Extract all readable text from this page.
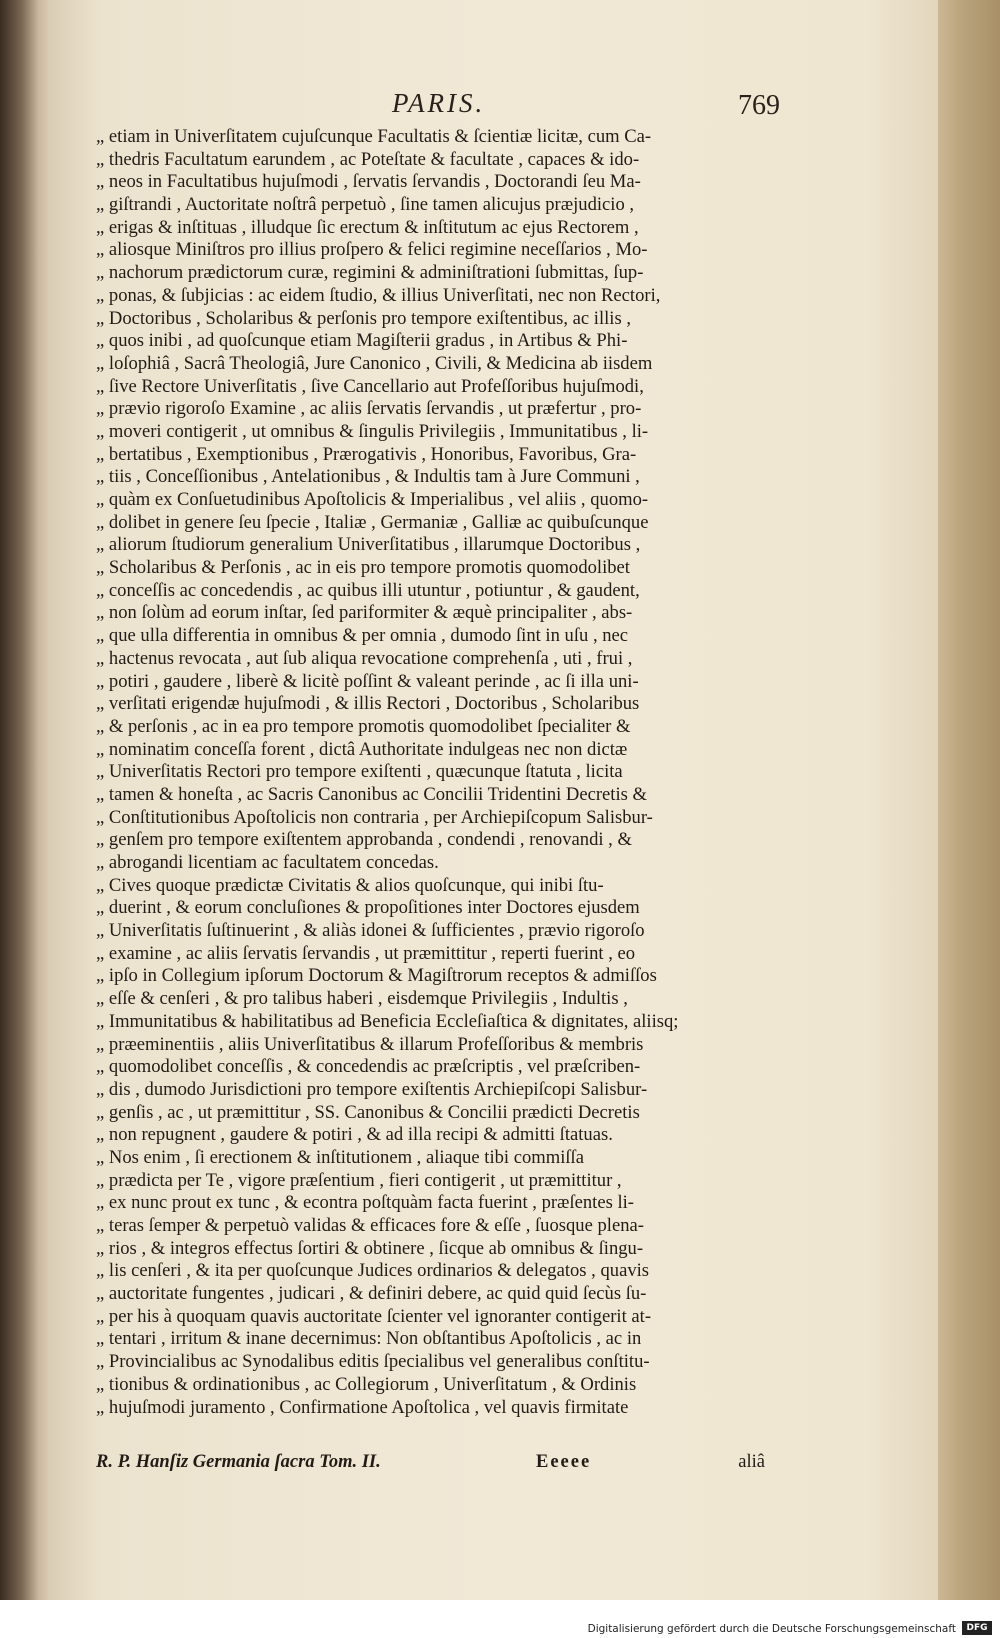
PARIS.	769
„ etiam in Univerſitatem cujuſcunque Facultatis & ſcientiæ licitæ, cum Ca-
„ thedris Facultatum earundem , ac Poteſtate & facultate , capaces & ido-
„ neos in Facultatibus hujuſmodi , ſervatis ſervandis , Doctorandi ſeu Ma-
„ giſtrandi , Auctoritate noſtrâ perpetuò , ſine tamen alicujus præjudicio ,
„ erigas & inſtituas , illudque ſic erectum & inſtitutum ac ejus Rectorem ,
„ aliosque Miniſtros pro illius proſpero & felici regimine neceſſarios , Mo-
„ nachorum prædictorum curæ, regimini & adminiſtrationi ſubmittas, ſup-
„ ponas, & ſubjicias : ac eidem ſtudio, & illius Univerſitati, nec non Rectori,
„ Doctoribus , Scholaribus & perſonis pro tempore exiſtentibus, ac illis ,
„ quos inibi , ad quoſcunque etiam Magiſterii gradus , in Artibus & Phi-
„ loſophiâ , Sacrâ Theologiâ, Jure Canonico , Civili, & Medicina ab iisdem
„ ſive Rectore Univerſitatis , ſive Cancellario aut Profeſſoribus hujuſmodi,
„ prævio rigoroſo Examine , ac aliis ſervatis ſervandis , ut præfertur , pro-
„ moveri contigerit , ut omnibus & ſingulis Privilegiis , Immunitatibus , li-
„ bertatibus , Exemptionibus , Prærogativis , Honoribus, Favoribus, Gra-
„ tiis , Conceſſionibus , Antelationibus , & Indultis tam à Jure Communi ,
„ quàm ex Conſuetudinibus Apoſtolicis & Imperialibus , vel aliis , quomo-
„ dolibet in genere ſeu ſpecie , Italiæ , Germaniæ , Galliæ ac quibuſcunque
„ aliorum ſtudiorum generalium Univerſitatibus , illarumque Doctoribus ,
„ Scholaribus & Perſonis , ac in eis pro tempore promotis quomodolibet
„ conceſſis ac concedendis , ac quibus illi utuntur , potiuntur , & gaudent,
„ non ſolùm ad eorum inſtar, ſed pariformiter & æquè principaliter , abs-
„ que ulla differentia in omnibus & per omnia , dumodo ſint in uſu , nec
„ hactenus revocata , aut ſub aliqua revocatione comprehenſa , uti , frui ,
„ potiri , gaudere , liberè & licitè poſſint & valeant perinde , ac ſi illa uni-
„ verſitati erigendæ hujuſmodi , & illis Rectori , Doctoribus , Scholaribus
„ & perſonis , ac in ea pro tempore promotis quomodolibet ſpecialiter &
„ nominatim conceſſa forent , dictâ Authoritate indulgeas nec non dictæ
„ Univerſitatis Rectori pro tempore exiſtenti , quæcunque ſtatuta , licita
„ tamen & honeſta , ac Sacris Canonibus ac Concilii Tridentini Decretis &
„ Conſtitutionibus Apoſtolicis non contraria , per Archiepiſcopum Salisbur-
„ genſem pro tempore exiſtentem approbanda , condendi , renovandi , &
„ abrogandi licentiam ac facultatem concedas.
„ Cives quoque prædictæ Civitatis & alios quoſcunque, qui inibi ſtu-
„ duerint , & eorum concluſiones & propoſitiones inter Doctores ejusdem
„ Univerſitatis ſuſtinuerint , & aliàs idonei & ſufficientes , prævio rigoroſo
„ examine , ac aliis ſervatis ſervandis , ut præmittitur , reperti fuerint , eo
„ ipſo in Collegium ipſorum Doctorum & Magiſtrorum receptos & admiſſos
„ eſſe & cenſeri , & pro talibus haberi , eisdemque Privilegiis , Indultis ,
„ Immunitatibus & habilitatibus ad Beneficia Eccleſiaſtica & dignitates, aliisq;
„ præeminentiis , aliis Univerſitatibus & illarum Profeſſoribus & membris
„ quomodolibet conceſſis , & concedendis ac præſcriptis , vel præſcriben-
„ dis , dumodo Jurisdictioni pro tempore exiſtentis Archiepiſcopi Salisbur-
„ genſis , ac , ut præmittitur , SS. Canonibus & Concilii prædicti Decretis
„ non repugnent , gaudere & potiri , & ad illa recipi & admitti ſtatuas.
„ Nos enim , ſi erectionem & inſtitutionem , aliaque tibi commiſſa
„ prædicta per Te , vigore præſentium , fieri contigerit , ut præmittitur ,
„ ex nunc prout ex tunc , & econtra poſtquàm facta fuerint , præſentes li-
„ teras ſemper & perpetuò validas & efficaces fore & eſſe , ſuosque plena-
„ rios , & integros effectus ſortiri & obtinere , ſicque ab omnibus & ſingu-
„ lis cenſeri , & ita per quoſcunque Judices ordinarios & delegatos , quavis
„ auctoritate fungentes , judicari , & definiri debere, ac quid quid ſecùs ſu-
„ per his à quoquam quavis auctoritate ſcienter vel ignoranter contigerit at-
„ tentari , irritum & inane decernimus: Non obſtantibus Apoſtolicis , ac in
„ Provincialibus ac Synodalibus editis ſpecialibus vel generalibus conſtitu-
„ tionibus & ordinationibus , ac Collegiorum , Univerſitatum , & Ordinis
„ hujuſmodi juramento , Confirmatione Apoſtolica , vel quavis firmitate
R. P. Hanſiz Germania ſacra Tom. II.	Eeeee	aliâ
Digitalisierung gefördert durch die Deutsche Forschungsgemeinschaft	DFG
